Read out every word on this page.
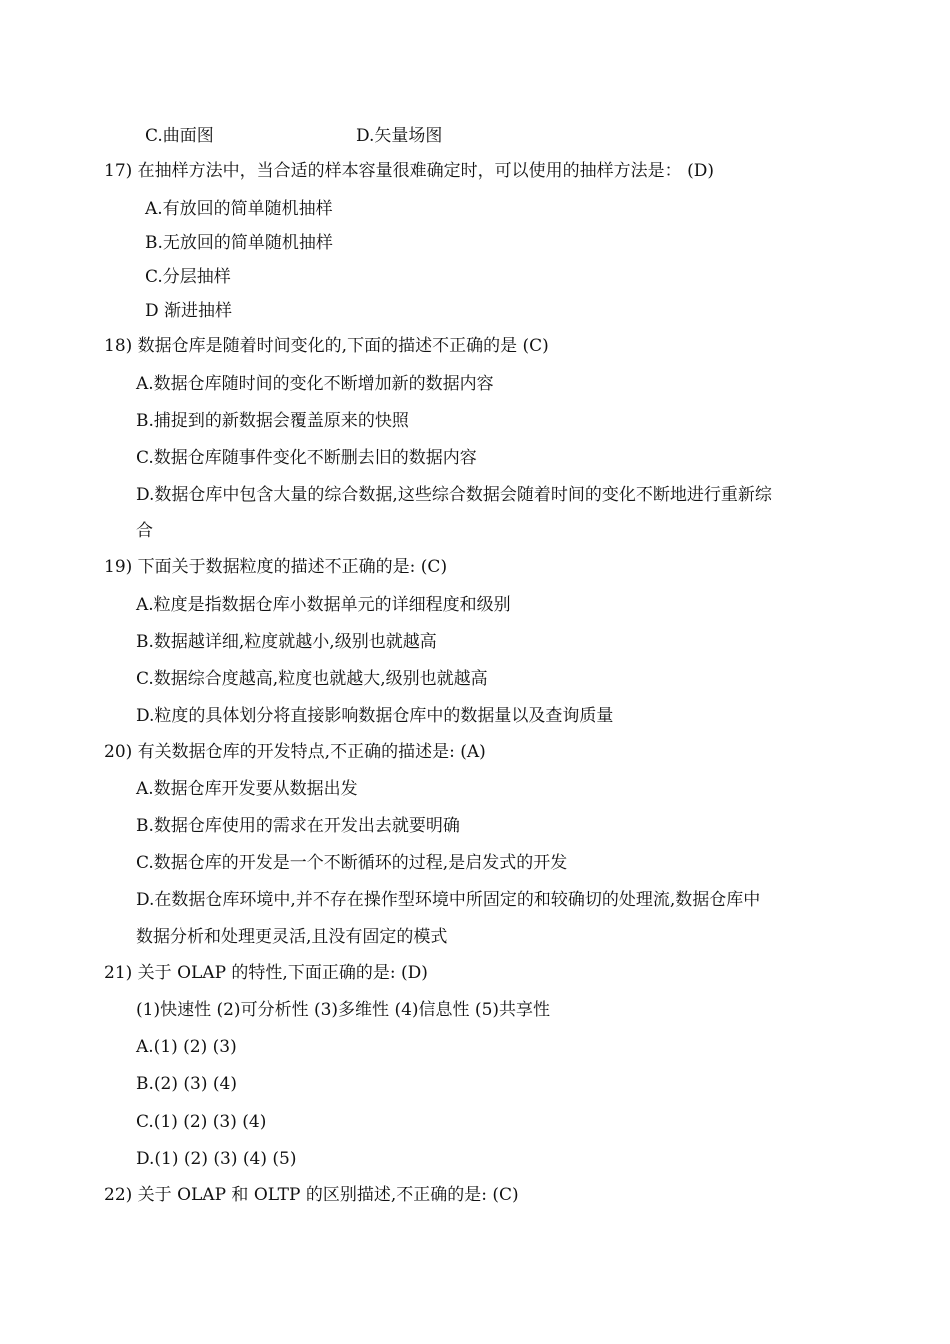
C.曲面图	D.矢量场图
17) 在抽样方法中，当合适的样本容量很难确定时，可以使用的抽样方法是： (D)
A.有放回的简单随机抽样
B.无放回的简单随机抽样
C.分层抽样
D 渐进抽样
18) 数据仓库是随着时间变化的,下面的描述不正确的是 (C)
A.数据仓库随时间的变化不断增加新的数据内容
B.捕捉到的新数据会覆盖原来的快照
C.数据仓库随事件变化不断删去旧的数据内容
D.数据仓库中包含大量的综合数据,这些综合数据会随着时间的变化不断地进行重新综
合
19) 下面关于数据粒度的描述不正确的是: (C)
A.粒度是指数据仓库小数据单元的详细程度和级别
B.数据越详细,粒度就越小,级别也就越高
C.数据综合度越高,粒度也就越大,级别也就越高
D.粒度的具体划分将直接影响数据仓库中的数据量以及查询质量
20) 有关数据仓库的开发特点,不正确的描述是: (A)
A.数据仓库开发要从数据出发
B.数据仓库使用的需求在开发出去就要明确
C.数据仓库的开发是一个不断循环的过程,是启发式的开发
D.在数据仓库环境中,并不存在操作型环境中所固定的和较确切的处理流,数据仓库中
数据分析和处理更灵活,且没有固定的模式
21) 关于 OLAP 的特性,下面正确的是: (D)
(1)快速性 (2)可分析性 (3)多维性 (4)信息性 (5)共享性
A.(1) (2) (3)
B.(2) (3) (4)
C.(1) (2) (3) (4)
D.(1) (2) (3) (4) (5)
22) 关于 OLAP 和 OLTP 的区别描述,不正确的是: (C)
